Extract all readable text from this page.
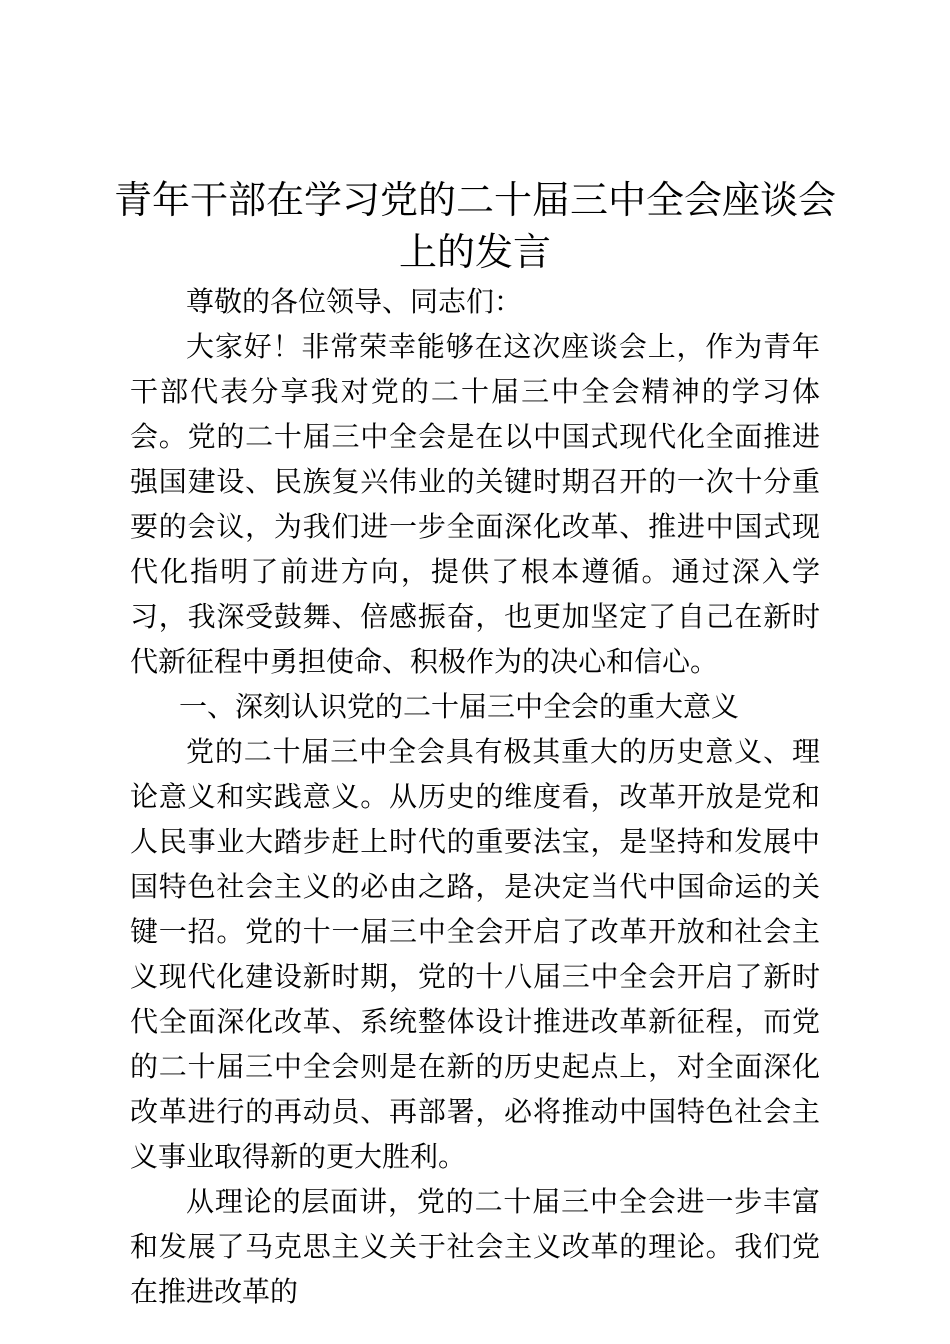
青年干部在学习党的二十届三中全会座谈会上的发言

尊敬的各位领导、同志们：

大家好！非常荣幸能够在这次座谈会上，作为青年干部代表分享我对党的二十届三中全会精神的学习体会。党的二十届三中全会是在以中国式现代化全面推进强国建设、民族复兴伟业的关键时期召开的一次十分重要的会议，为我们进一步全面深化改革、推进中国式现代化指明了前进方向，提供了根本遵循。通过深入学习，我深受鼓舞、倍感振奋，也更加坚定了自己在新时代新征程中勇担使命、积极作为的决心和信心。

一、深刻认识党的二十届三中全会的重大意义

党的二十届三中全会具有极其重大的历史意义、理论意义和实践意义。从历史的维度看，改革开放是党和人民事业大踏步赶上时代的重要法宝，是坚持和发展中国特色社会主义的必由之路，是决定当代中国命运的关键一招。党的十一届三中全会开启了改革开放和社会主义现代化建设新时期，党的十八届三中全会开启了新时代全面深化改革、系统整体设计推进改革新征程，而党的二十届三中全会则是在新的历史起点上，对全面深化改革进行的再动员、再部署，必将推动中国特色社会主义事业取得新的更大胜利。

从理论的层面讲，党的二十届三中全会进一步丰富和发展了马克思主义关于社会主义改革的理论。我们党在推进改革的
